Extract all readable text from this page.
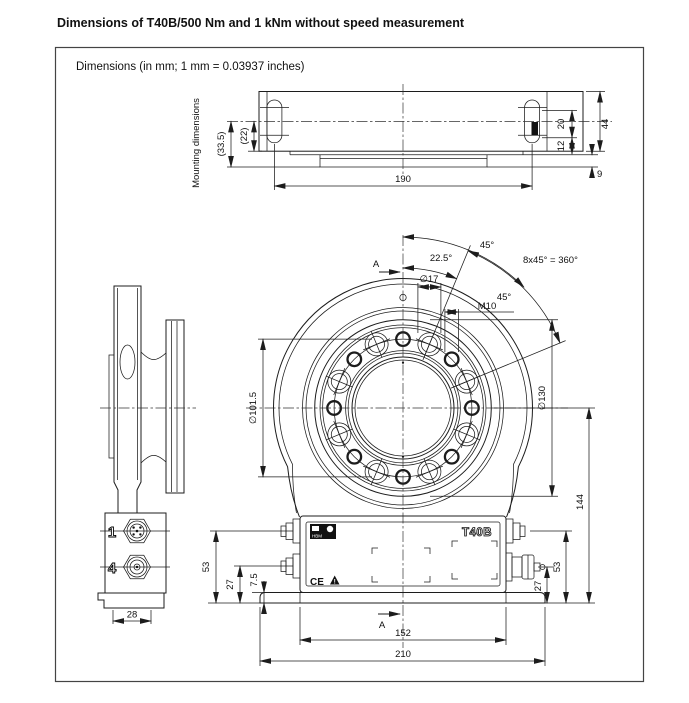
Dimensions of T40B/500 Nm and 1 kNm without speed measurement
Dimensions (in mm; 1 mm = 0.03937 inches)
Mounting dimensions (33.5) (22)
190
44
20
12
9
1
4
28
45°
8x45° = 360°
22.5°
45°
A
∅17
M10
∅101.5	∅130
HBM	T40B
CE !
53
27 7.5
144
53
27
A
152
210
